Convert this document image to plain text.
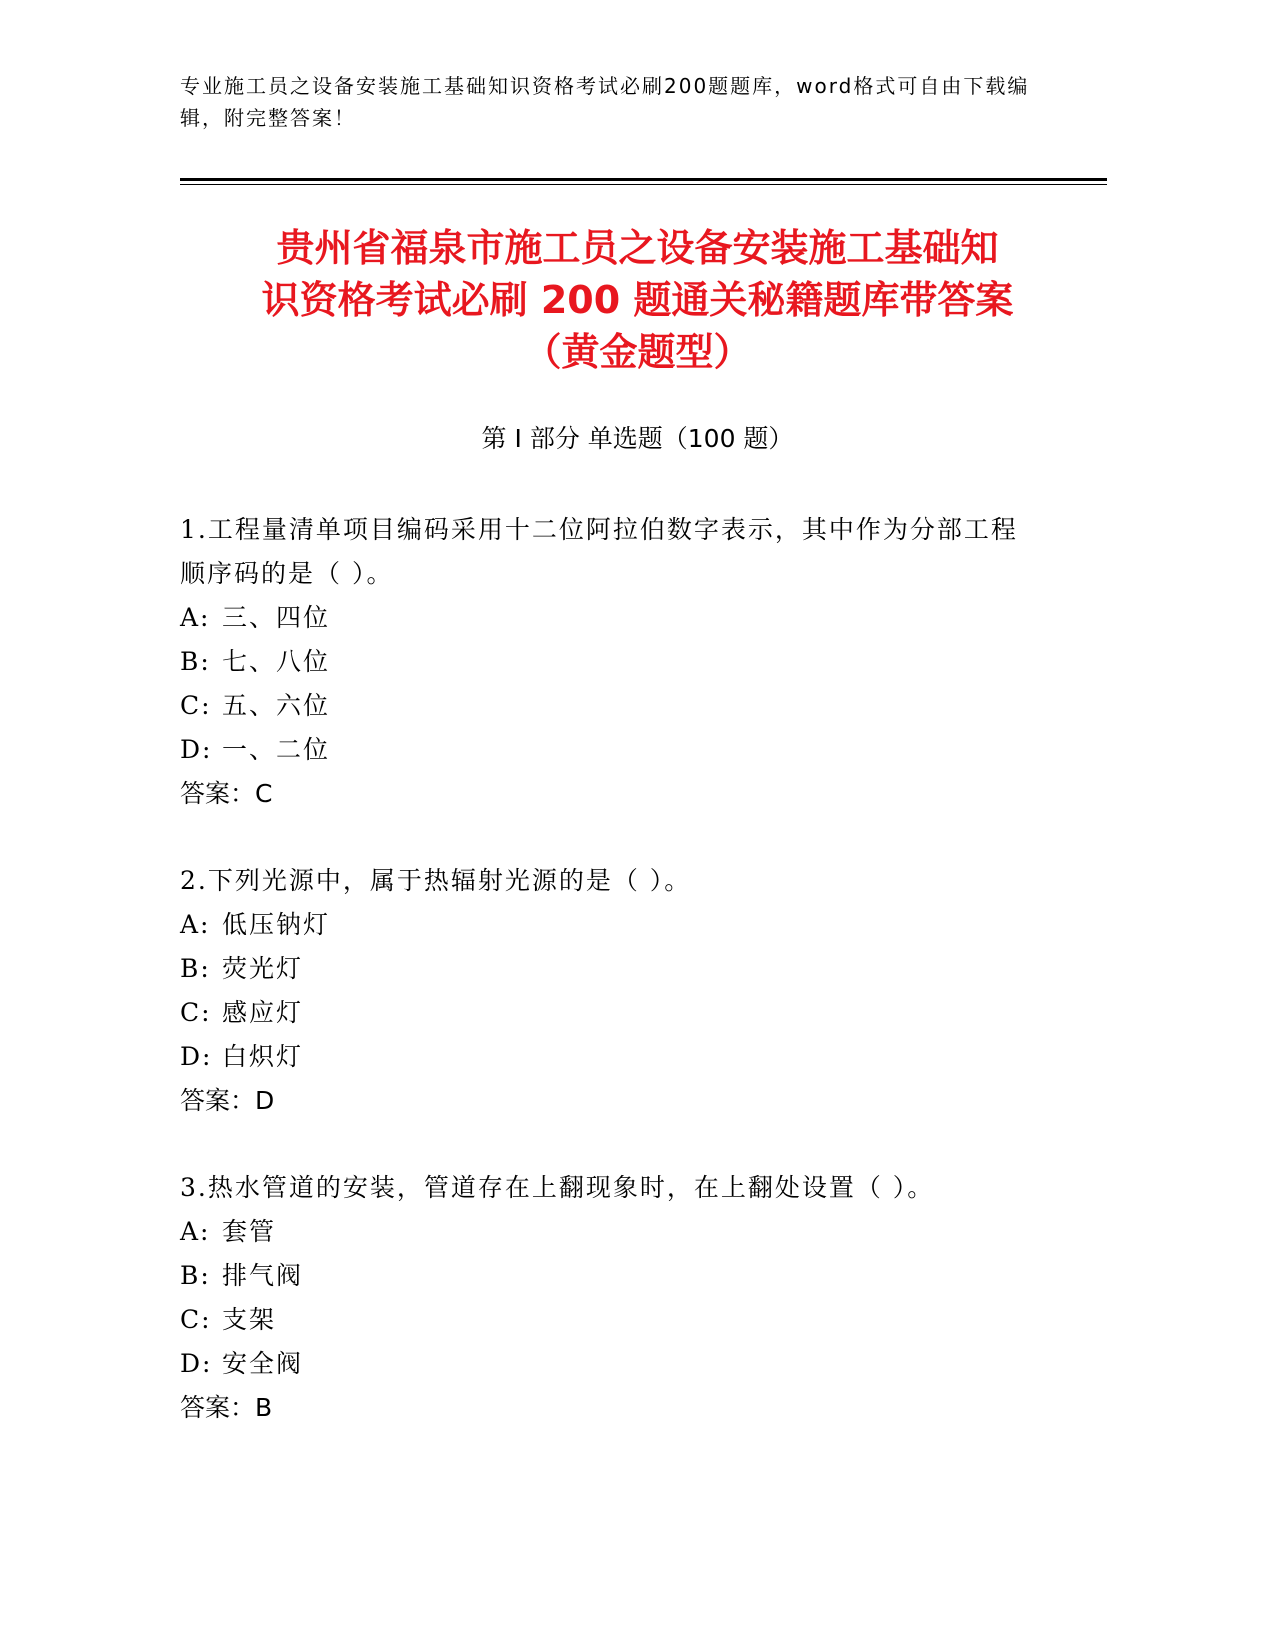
专业施工员之设备安装施工基础知识资格考试必刷200题题库，word格式可自由下载编辑，附完整答案！
贵州省福泉市施工员之设备安装施工基础知
识资格考试必刷 200 题通关秘籍题库带答案
（黄金题型）
第 I 部分 单选题（100 题）

1.工程量清单项目编码采用十二位阿拉伯数字表示，其中作为分部工程顺序码的是（ ）。

A: 三、四位

B: 七、八位

C: 五、六位

D: 一、二位

答案：C

2.下列光源中，属于热辐射光源的是（ ）。

A: 低压钠灯

B: 荧光灯

C: 感应灯

D: 白炽灯

答案：D

3.热水管道的安装，管道存在上翻现象时，在上翻处设置（ ）。

A: 套管

B: 排气阀

C: 支架

D: 安全阀

答案：B
